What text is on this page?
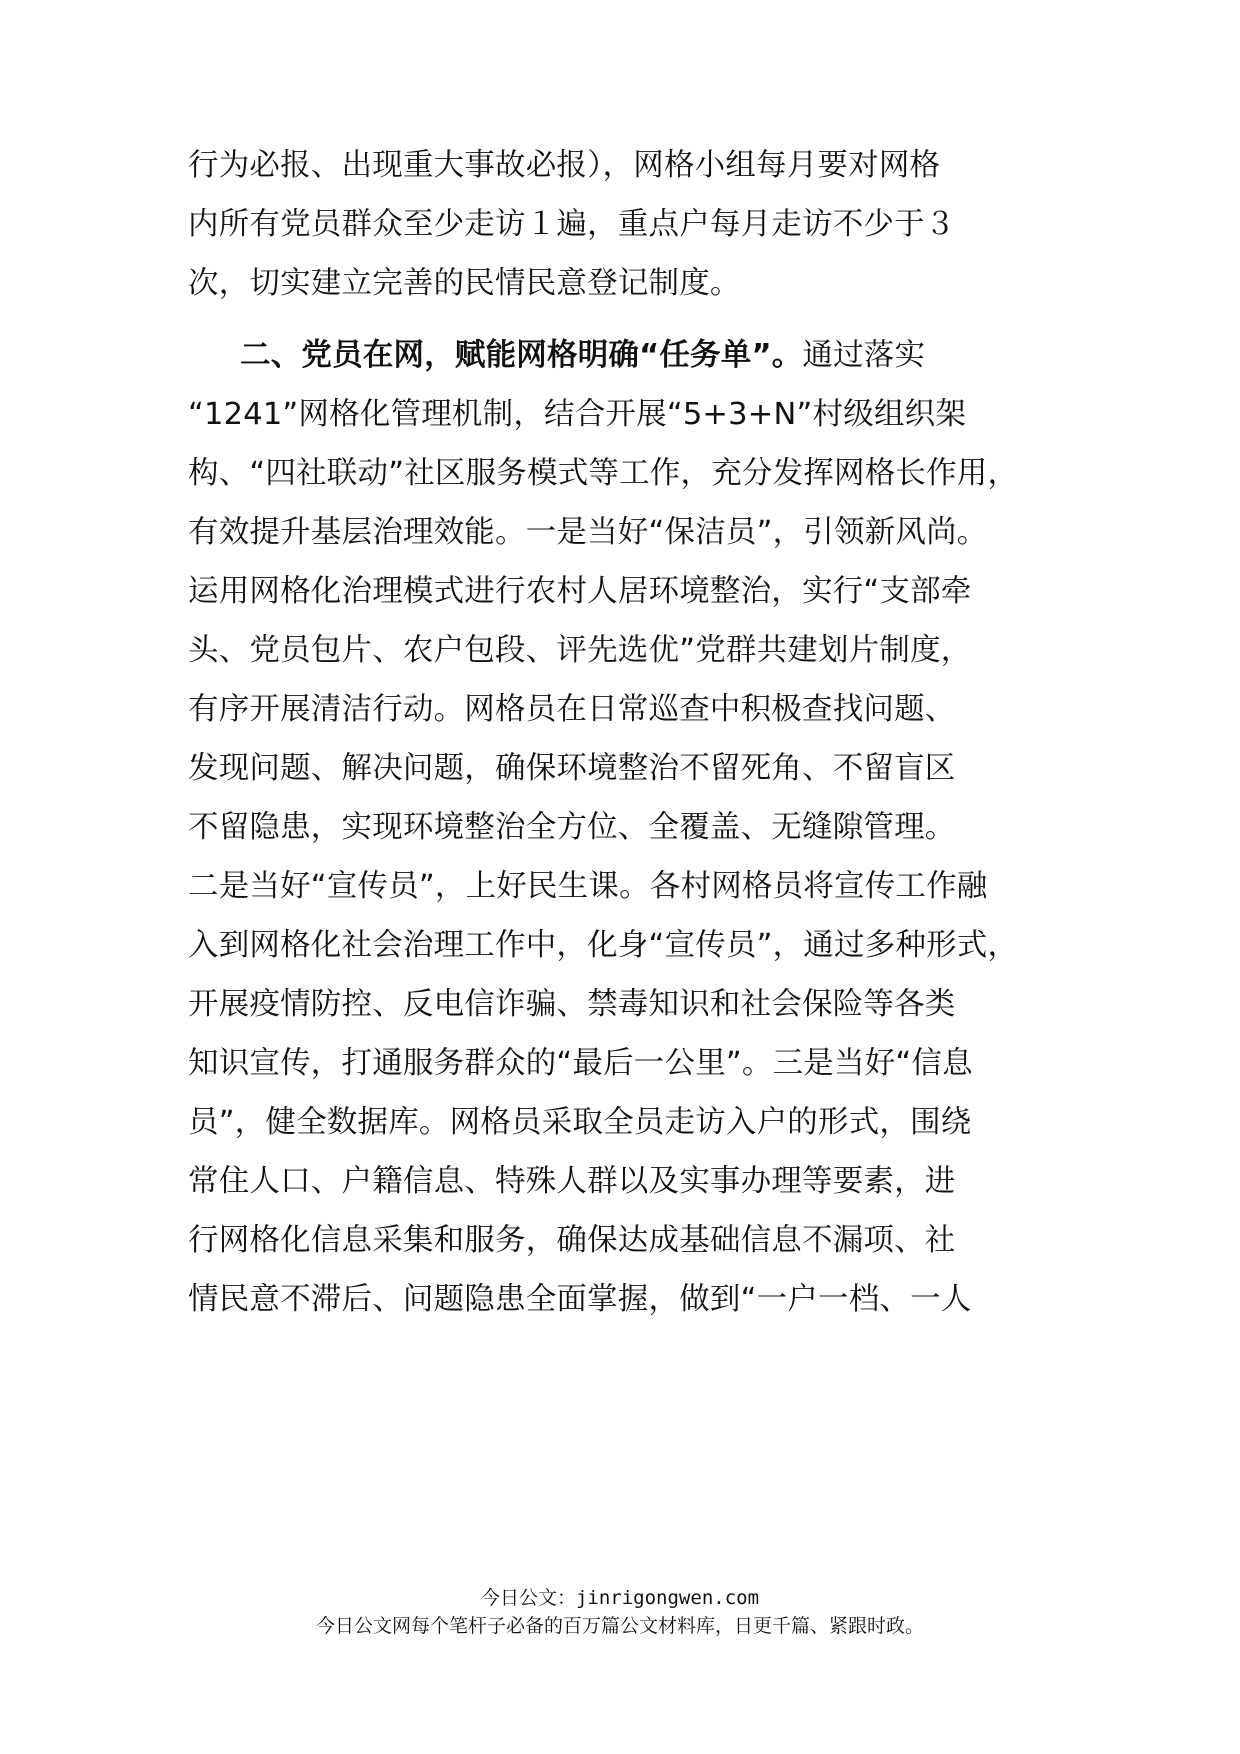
行为必报、出现重大事故必报），网格小组每月要对网格
内所有党员群众至少走访１遍，重点户每月走访不少于３
次，切实建立完善的民情民意登记制度。
二、党员在网，赋能网格明确“任务单”。通过落实
“1241”网格化管理机制，结合开展“5+3+N”村级组织架
构、“四社联动”社区服务模式等工作，充分发挥网格长作用，
有效提升基层治理效能。一是当好“保洁员”，引领新风尚。
运用网格化治理模式进行农村人居环境整治，实行“支部牵
头、党员包片、农户包段、评先选优”党群共建划片制度，
有序开展清洁行动。网格员在日常巡查中积极查找问题、
发现问题、解决问题，确保环境整治不留死角、不留盲区
不留隐患，实现环境整治全方位、全覆盖、无缝隙管理。
二是当好“宣传员”，上好民生课。各村网格员将宣传工作融
入到网格化社会治理工作中，化身“宣传员”，通过多种形式，
开展疫情防控、反电信诈骗、禁毒知识和社会保险等各类
知识宣传，打通服务群众的“最后一公里”。三是当好“信息
员”，健全数据库。网格员采取全员走访入户的形式，围绕
常住人口、户籍信息、特殊人群以及实事办理等要素，进
行网格化信息采集和服务，确保达成基础信息不漏项、社
情民意不滞后、问题隐患全面掌握，做到“一户一档、一人
今日公文：jinrigongwen.com
今日公文网每个笔杆子必备的百万篇公文材料库，日更千篇、紧跟时政。
